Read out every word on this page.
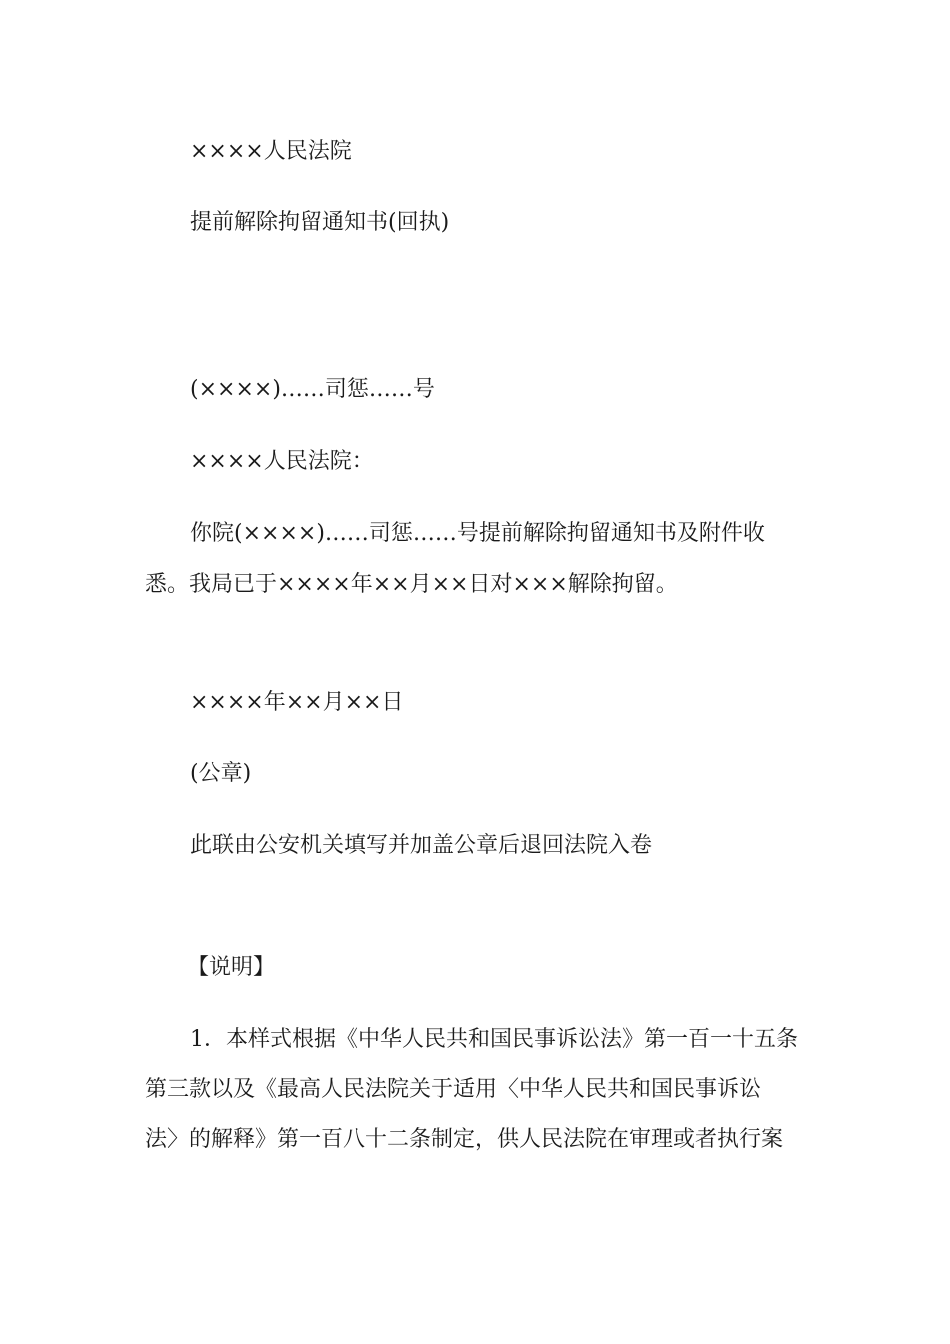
××××人民法院
提前解除拘留通知书(回执)
(××××)……司惩……号
××××人民法院：
你院(××××)……司惩……号提前解除拘留通知书及附件收
悉。我局已于××××年××月××日对×××解除拘留。
××××年××月××日
(公章)
此联由公安机关填写并加盖公章后退回法院入卷
【说明】
1．本样式根据《中华人民共和国民事诉讼法》第一百一十五条
第三款以及《最高人民法院关于适用〈中华人民共和国民事诉讼
法〉的解释》第一百八十二条制定，供人民法院在审理或者执行案
